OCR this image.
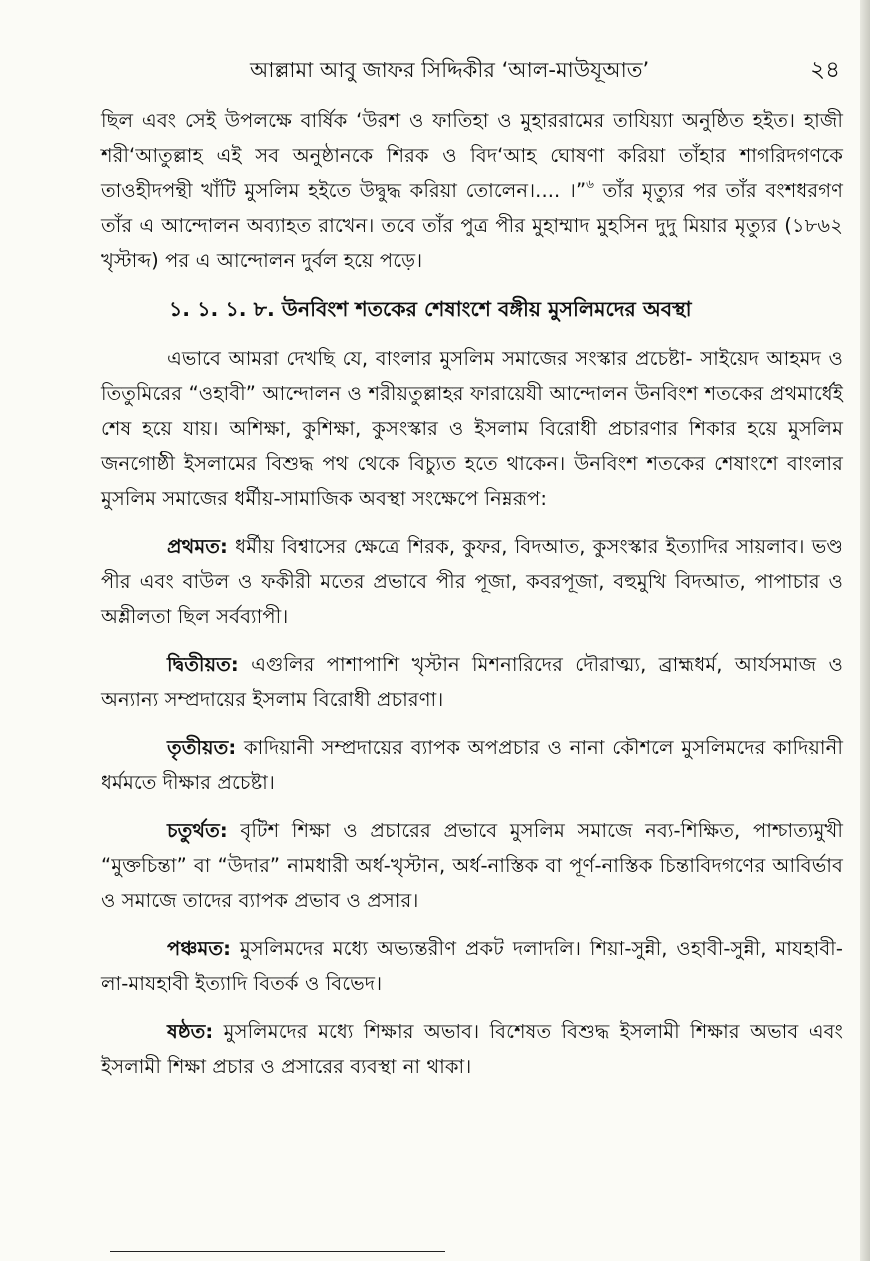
আল্লামা আবু জাফর সিদ্দিকীর ‘আল-মাউযূআত’	২৪

ছিল এবং সেই উপলক্ষে বার্ষিক ‘উরশ ও ফাতিহা ও মুহাররামের তাযিয়্যা অনুষ্ঠিত হইত। হাজী শরী‘আতুল্লাহ এই সব অনুষ্ঠানকে শিরক ও বিদ‘আহ ঘোষণা করিয়া তাঁহার শাগরিদগণকে তাওহীদপন্থী খাঁটি মুসলিম হইতে উদ্বুদ্ধ করিয়া তোলেন।.... ।”$^৬$ তাঁর মৃত্যুর পর তাঁর বংশধরগণ তাঁর এ আন্দোলন অব্যাহত রাখেন। তবে তাঁর পুত্র পীর মুহাম্মাদ মুহসিন দুদু মিয়ার মৃত্যুর (১৮৬২ খৃস্টাব্দ) পর এ আন্দোলন দুর্বল হয়ে পড়ে।

১. ১. ১. ৮. উনবিংশ শতকের শেষাংশে বঙ্গীয় মুসলিমদের অবস্থা

এভাবে আমরা দেখছি যে, বাংলার মুসলিম সমাজের সংস্কার প্রচেষ্টা- সাইয়েদ আহমদ ও তিতুমিরের “ওহাবী” আন্দোলন ও শরীয়তুল্লাহর ফারায়েযী আন্দোলন উনবিংশ শতকের প্রথমার্ধেই শেষ হয়ে যায়। অশিক্ষা, কুশিক্ষা, কুসংস্কার ও ইসলাম বিরোধী প্রচারণার শিকার হয়ে মুসলিম জনগোষ্ঠী ইসলামের বিশুদ্ধ পথ থেকে বিচ্যুত হতে থাকেন। উনবিংশ শতকের শেষাংশে বাংলার মুসলিম সমাজের ধর্মীয়-সামাজিক অবস্থা সংক্ষেপে নিম্নরূপ:

প্রথমত: ধর্মীয় বিশ্বাসের ক্ষেত্রে শিরক, কুফর, বিদআত, কুসংস্কার ইত্যাদির সায়লাব। ভণ্ড পীর এবং বাউল ও ফকীরী মতের প্রভাবে পীর পূজা, কবরপূজা, বহুমুখি বিদআত, পাপাচার ও অশ্লীলতা ছিল সর্বব্যাপী।

দ্বিতীয়ত: এগুলির পাশাপাশি খৃস্টান মিশনারিদের দৌরাত্ম্য, ব্রাহ্মধর্ম, আর্যসমাজ ও অন্যান্য সম্প্রদায়ের ইসলাম বিরোধী প্রচারণা।

তৃতীয়ত: কাদিয়ানী সম্প্রদায়ের ব্যাপক অপপ্রচার ও নানা কৌশলে মুসলিমদের কাদিয়ানী ধর্মমতে দীক্ষার প্রচেষ্টা।

চতুর্থত: বৃটিশ শিক্ষা ও প্রচারের প্রভাবে মুসলিম সমাজে নব্য-শিক্ষিত, পাশ্চাত্যমুখী “মুক্তচিন্তা” বা “উদার” নামধারী অর্ধ-খৃস্টান, অর্ধ-নাস্তিক বা পূর্ণ-নাস্তিক চিন্তাবিদগণের আবির্ভাব ও সমাজে তাদের ব্যাপক প্রভাব ও প্রসার।

পঞ্চমত: মুসলিমদের মধ্যে অভ্যন্তরীণ প্রকট দলাদলি। শিয়া-সুন্নী, ওহাবী-সুন্নী, মাযহাবী-লা-মাযহাবী ইত্যাদি বিতর্ক ও বিভেদ।

ষষ্ঠত: মুসলিমদের মধ্যে শিক্ষার অভাব। বিশেষত বিশুদ্ধ ইসলামী শিক্ষার অভাব এবং ইসলামী শিক্ষা প্রচার ও প্রসারের ব্যবস্থা না থাকা।
